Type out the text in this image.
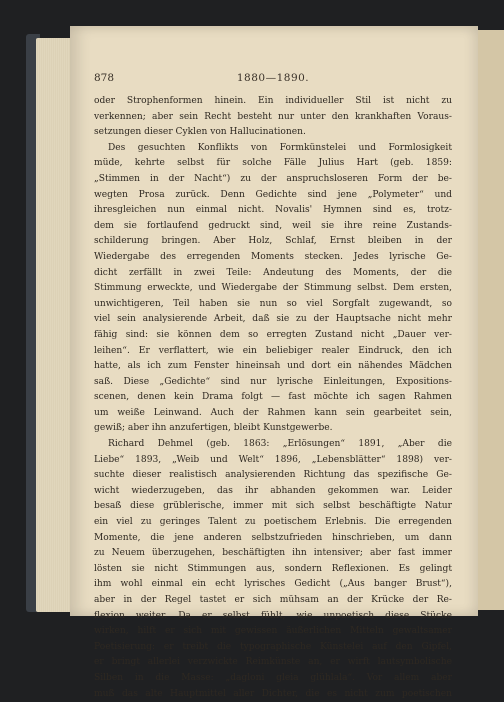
878	1880—1890.
oder Strophenformen hinein. Ein individueller Stil ist nicht zu
verkennen; aber sein Recht besteht nur unter den krankhaften Voraus-
setzungen dieser Cyklen von Hallucinationen.
Des gesuchten Konflikts von Formkünstelei und Formlosigkeit
müde, kehrte selbst für solche Fälle Julius Hart (geb. 1859:
„Stimmen in der Nacht“) zu der anspruchsloseren Form der be-
wegten Prosa zurück. Denn Gedichte sind jene „Polymeter“ und
ihresgleichen nun einmal nicht. Novalis' Hymnen sind es, trotz-
dem sie fortlaufend gedruckt sind, weil sie ihre reine Zustands-
schilderung bringen. Aber Holz, Schlaf, Ernst bleiben in der
Wiedergabe des erregenden Moments stecken. Jedes lyrische Ge-
dicht zerfällt in zwei Teile: Andeutung des Moments, der die
Stimmung erweckte, und Wiedergabe der Stimmung selbst. Dem ersten,
unwichtigeren, Teil haben sie nun so viel Sorgfalt zugewandt, so
viel sein analysierende Arbeit, daß sie zu der Hauptsache nicht mehr
fähig sind: sie können dem so erregten Zustand nicht „Dauer ver-
leihen“. Er verflattert, wie ein beliebiger realer Eindruck, den ich
hatte, als ich zum Fenster hineinsah und dort ein nähendes Mädchen
saß. Diese „Gedichte“ sind nur lyrische Einleitungen, Expositions-
scenen, denen kein Drama folgt — fast möchte ich sagen Rahmen
um weiße Leinwand. Auch der Rahmen kann sein gearbeitet sein,
gewiß; aber ihn anzufertigen, bleibt Kunstgewerbe.
Richard Dehmel (geb. 1863: „Erlösungen“ 1891, „Aber die
Liebe“ 1893, „Weib und Welt“ 1896, „Lebensblätter“ 1898) ver-
suchte dieser realistisch analysierenden Richtung das spezifische Ge-
wicht wiederzugeben, das ihr abhanden gekommen war. Leider
besaß diese grüblerische, immer mit sich selbst beschäftigte Natur
ein viel zu geringes Talent zu poetischem Erlebnis. Die erregenden
Momente, die jene anderen selbstzufrieden hinschrieben, um dann
zu Neuem überzugehen, beschäftigten ihn intensiver; aber fast immer
lösten sie nicht Stimmungen aus, sondern Reflexionen. Es gelingt
ihm wohl einmal ein echt lyrisches Gedicht („Aus banger Brust“),
aber in der Regel tastet er sich mühsam an der Krücke der Re-
flexion weiter. Da er selbst fühlt, wie unpoetisch diese Stücke
wirken, hilft er sich mit gewissen äußerlichen Mitteln gewaltsamer
Poetisierung: er treibt die typographische Künstelei auf den Gipfel,
er bringt allerlei verzwickte Reimkünste an, er wirft lautsymbolische
Silben in die Masse: „dagloni gleia glühlala“. Vor allem aber
muß das alte Hauptmittel aller Dichter, die es nicht zum poetischen
